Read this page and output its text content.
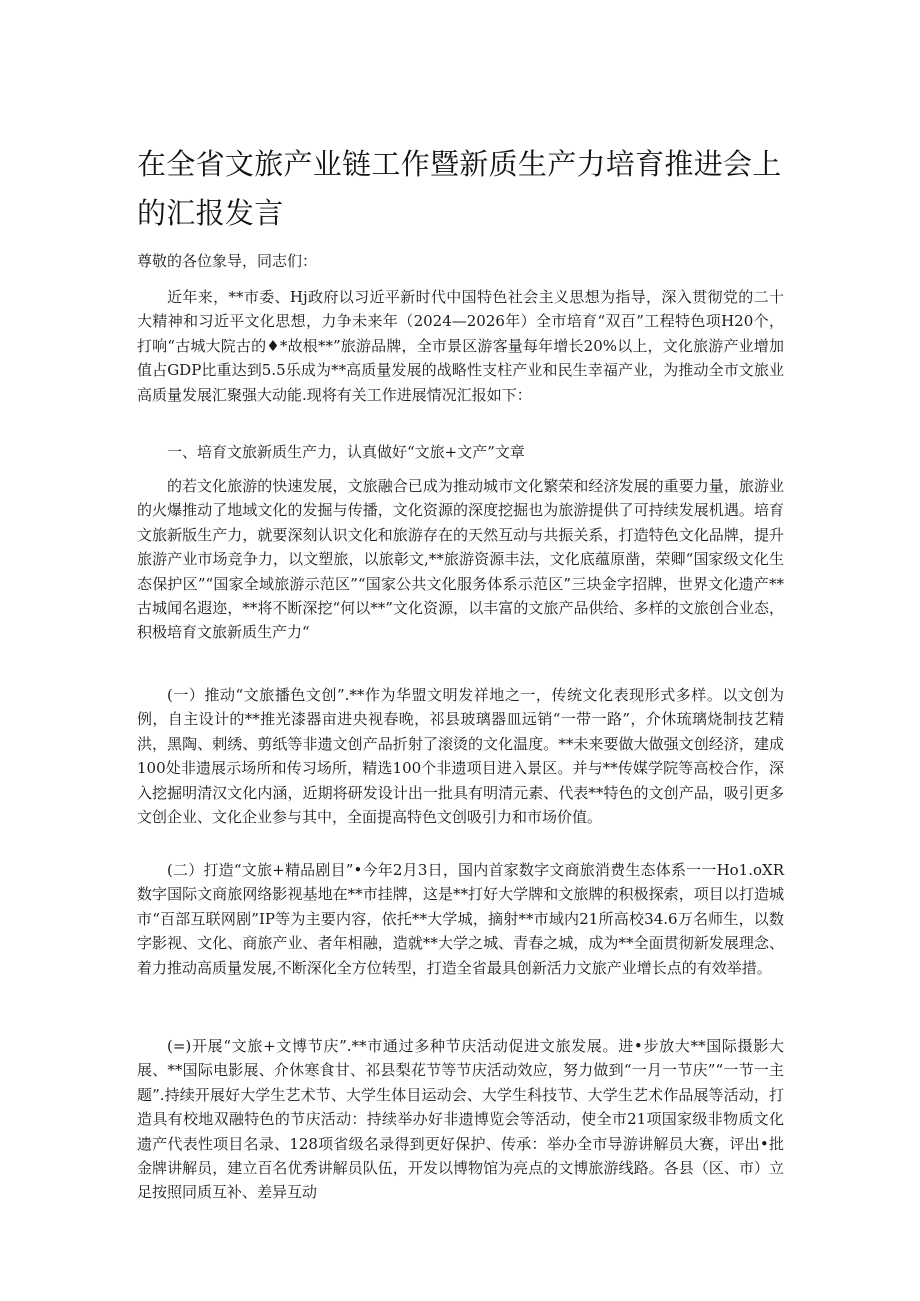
在全省文旅产业链工作暨新质生产力培育推进会上的汇报发言

尊敬的各位象导，同志们：

近年来，**市委、Hj政府以习近平新时代中国特色社会主义思想为指导，深入贯彻党的二十大精神和习近平文化思想，力争未来年（2024—2026年）全市培育“双百”工程特色项H20个，打响“古城大院古的♦*故根**”旅游品牌，全市景区游客量每年增长20%以上，文化旅游产业增加值占GDP比重达到5.5乐成为**高质量发展的战略性支柱产业和民生幸福产业，为推动全市文旅业高质量发展汇聚强大动能.现将有关工作进展情况汇报如下：

一、培育文旅新质生产力，认真做好“文旅+文产”文章

的若文化旅游的快速发展，文旅融合已成为推动城市文化繁荣和经济发展的重要力量，旅游业的火爆推动了地域文化的发掘与传播，文化资源的深度挖掘也为旅游提供了可持续发展机遇。培育文旅新版生产力，就要深刻认识文化和旅游存在的天然互动与共振关系，打造特色文化品牌，提升旅游产业市场竞争力，以文塑旅，以旅彰文,**旅游资源丰法，文化底蕴原凿，荣卿“国家级文化生态保护区”“国家全域旅游示范区”“国家公共文化服务体系示范区”三块金字招牌，世界文化遗产**古城闻名遐迩，**将不断深挖“何以**”文化资源，以丰富的文旅产品供给、多样的文旅创合业态，积极培育文旅新质生产力“

(一）推动“文旅播色文创”.**作为华盟文明发祥地之一，传统文化表现形式多样。以文创为例，自主设计的**推光漆器亩进央视春晚，祁县玻璃器皿远销“一带一路”，介休琉璃烧制技艺精洪，黑陶、剌绣、剪纸等非遗文创产品折射了滚烫的文化温度。**未来要做大做强文创经济，建成100处非遗展示场所和传习场所，精选100个非遗项目进入景区。并与**传媒学院等高校合作，深入挖掘明清汉文化内涵，近期将研发设计出一批具有明清元素、代表**特色的文创产品，吸引更多文创企业、文化企业参与其中，全面提高特色文创吸引力和市场价值。

(二）打造“文旅+精品剧目”•今年2月3日，国内首家数字文商旅消费生态体系一一Ho1.oXR数字国际文商旅网络影视基地在**市挂牌，这是**打好大学牌和文旅牌的积极探索，项目以打造城市“百部互联网剧”IP等为主要内容，依托**大学城，摘射**市域内21所高校34.6万名师生，以数字影视、文化、商旅产业、者年相融，造就**大学之城、青春之城，成为**全面贯彻新发展理念、着力推动高质量发展,不断深化全方位转型，打造全省最具创新活力文旅产业增长点的有效举措。

(=)开展“文旅+文博节庆”.**市通过多种节庆活动促进文旅发展。进•步放大**国际摄影大展、**国际电影展、介休寒食甘、祁县梨花节等节庆活动效应，努力做到“一月一节庆”“一节一主题”.持续开展好大学生艺术节、大学生体目运动会、大学生科技节、大学生艺术作品展等活动，打造具有校地双融特色的节庆活动：持续举办好非遗博览会等活动，使全市21项国家级非物质文化遗产代表性项目名录、128项省级名录得到更好保护、传承：举办全市导游讲解员大赛，评出•批金牌讲解员，建立百名优秀讲解员队伍，开发以博物馆为亮点的文博旅游线路。各县（区、市）立足按照同质互补、差异互动
